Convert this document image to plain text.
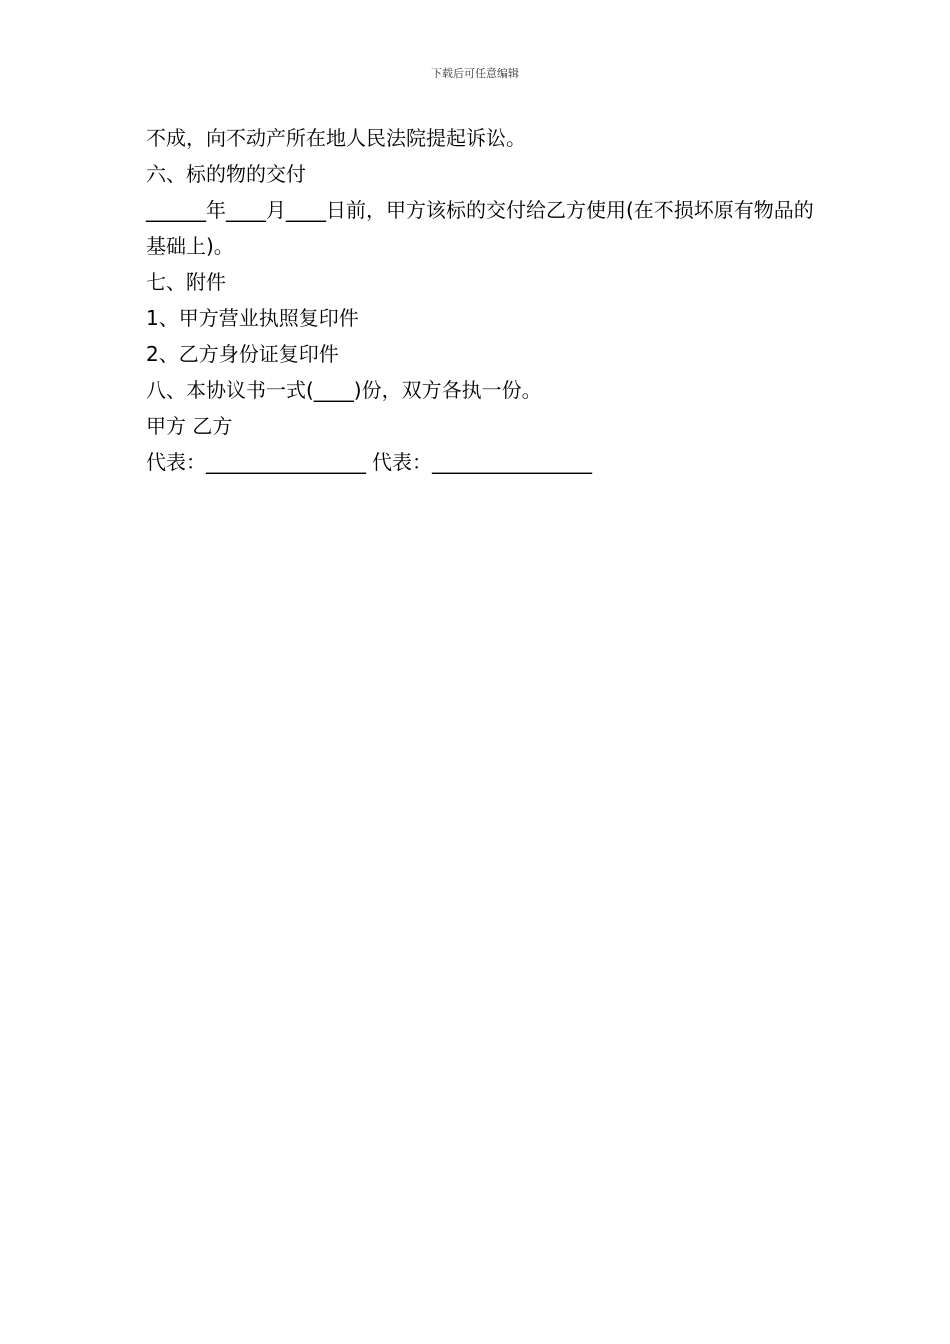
下载后可任意编辑
不成，向不动产所在地人民法院提起诉讼。
六、标的物的交付
______年____月____日前，甲方该标的交付给乙方使用(在不损坏原有物品的基础上)。
七、附件
1、甲方营业执照复印件
2、乙方身份证复印件
八、本协议书一式(____)份，双方各执一份。
甲方 乙方
代表：________________ 代表：________________
